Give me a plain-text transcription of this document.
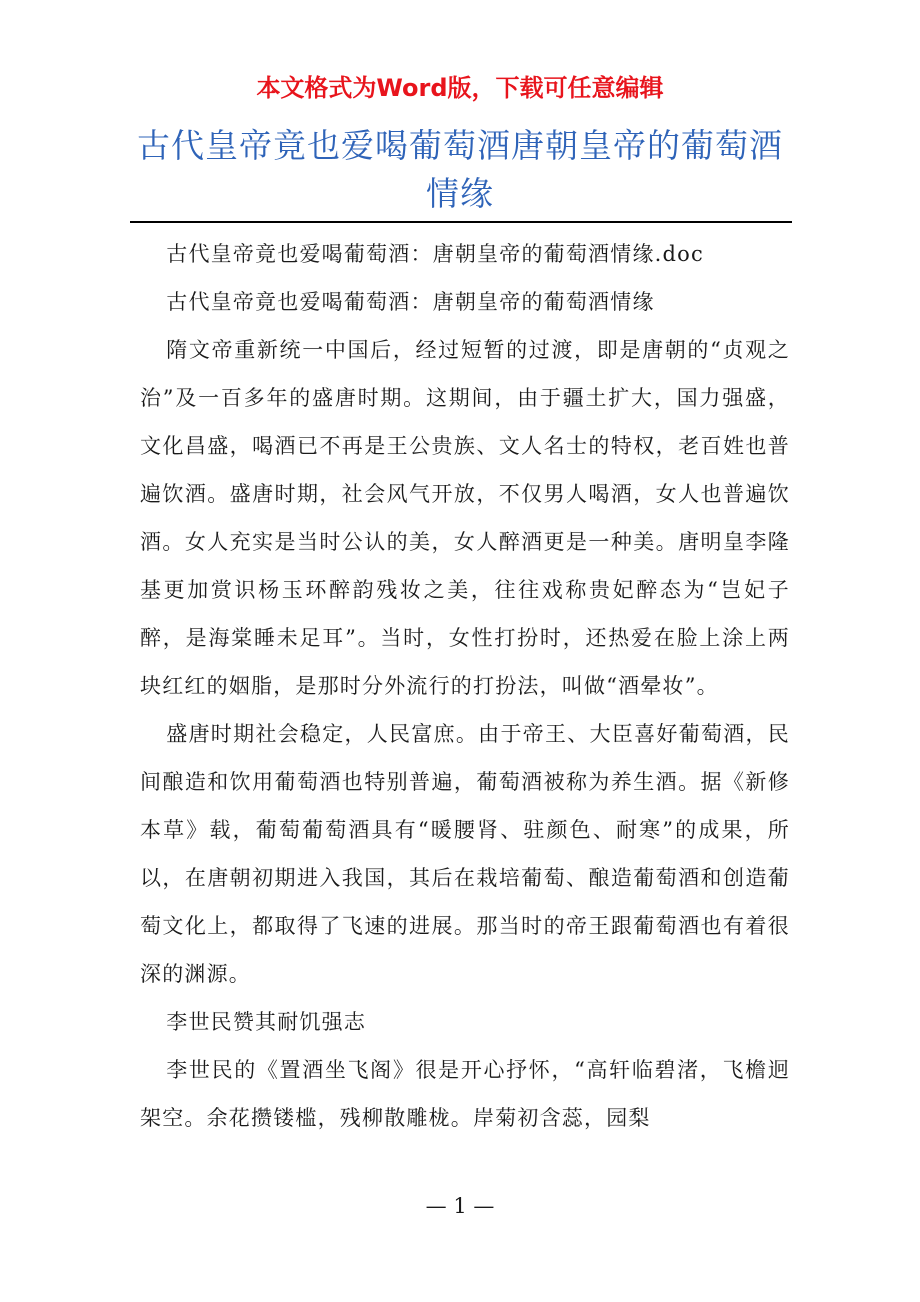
本文格式为Word版，下载可任意编辑
古代皇帝竟也爱喝葡萄酒唐朝皇帝的葡萄酒情缘

古代皇帝竟也爱喝葡萄酒：唐朝皇帝的葡萄酒情缘.doc

古代皇帝竟也爱喝葡萄酒：唐朝皇帝的葡萄酒情缘

隋文帝重新统一中国后，经过短暂的过渡，即是唐朝的“贞观之治”及一百多年的盛唐时期。这期间，由于疆土扩大，国力强盛，文化昌盛，喝酒已不再是王公贵族、文人名士的特权，老百姓也普遍饮酒。盛唐时期，社会风气开放，不仅男人喝酒，女人也普遍饮酒。女人充实是当时公认的美，女人醉酒更是一种美。唐明皇李隆基更加赏识杨玉环醉韵残妆之美，往往戏称贵妃醉态为“岂妃子醉，是海棠睡未足耳”。当时，女性打扮时，还热爱在脸上涂上两块红红的姻脂，是那时分外流行的打扮法，叫做“酒晕妆”。

盛唐时期社会稳定，人民富庶。由于帝王、大臣喜好葡萄酒，民间酿造和饮用葡萄酒也特别普遍，葡萄酒被称为养生酒。据《新修本草》载，葡萄葡萄酒具有“暖腰肾、驻颜色、耐寒”的成果，所以，在唐朝初期进入我国，其后在栽培葡萄、酿造葡萄酒和创造葡萄文化上，都取得了飞速的进展。那当时的帝王跟葡萄酒也有着很深的渊源。

李世民赞其耐饥强志

李世民的《置酒坐飞阁》很是开心抒怀，“高轩临碧渚，飞檐迥架空。余花攒镂槛，残柳散雕栊。岸菊初含蕊，园梨

— 1 —
